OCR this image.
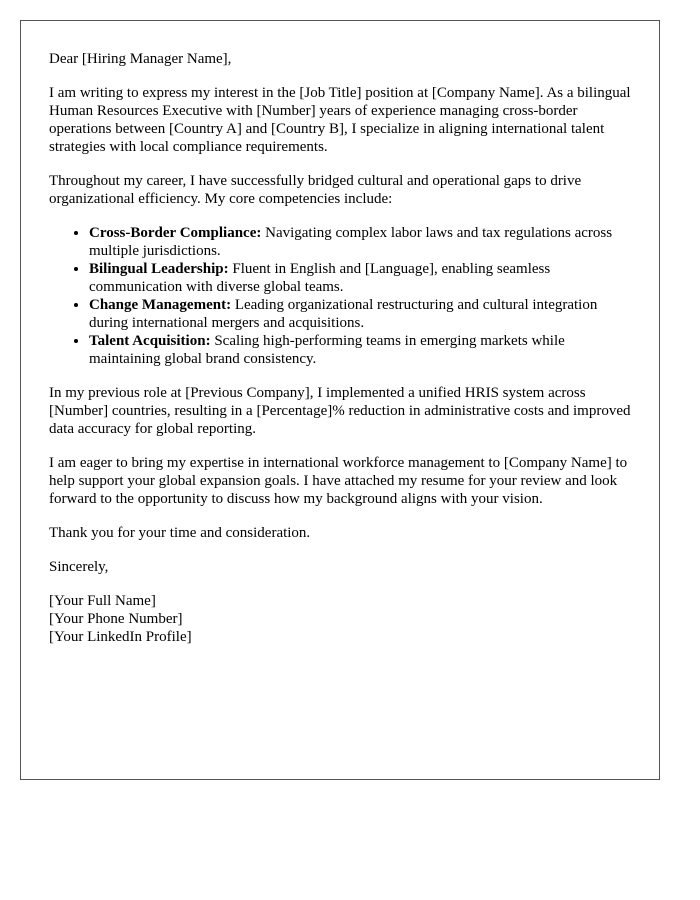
Dear [Hiring Manager Name],

I am writing to express my interest in the [Job Title] position at [Company Name]. As a bilingual Human Resources Executive with [Number] years of experience managing cross-border operations between [Country A] and [Country B], I specialize in aligning international talent strategies with local compliance requirements.

Throughout my career, I have successfully bridged cultural and operational gaps to drive organizational efficiency. My core competencies include:

• Cross-Border Compliance: Navigating complex labor laws and tax regulations across multiple jurisdictions.
• Bilingual Leadership: Fluent in English and [Language], enabling seamless communication with diverse global teams.
• Change Management: Leading organizational restructuring and cultural integration during international mergers and acquisitions.
• Talent Acquisition: Scaling high-performing teams in emerging markets while maintaining global brand consistency.

In my previous role at [Previous Company], I implemented a unified HRIS system across [Number] countries, resulting in a [Percentage]% reduction in administrative costs and improved data accuracy for global reporting.

I am eager to bring my expertise in international workforce management to [Company Name] to help support your global expansion goals. I have attached my resume for your review and look forward to the opportunity to discuss how my background aligns with your vision.

Thank you for your time and consideration.

Sincerely,

[Your Full Name]
[Your Phone Number]
[Your LinkedIn Profile]
